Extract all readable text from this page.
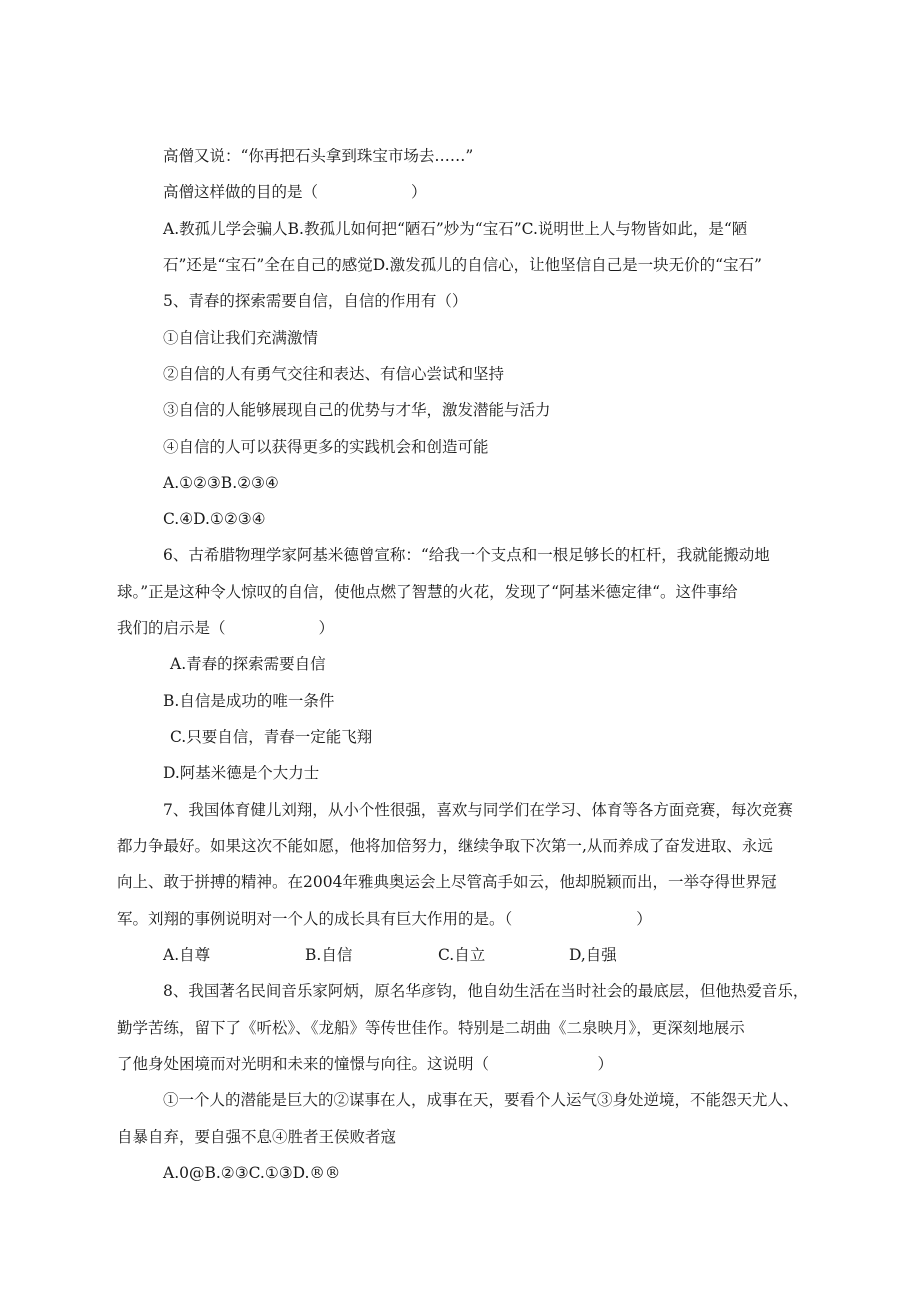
高僧又说：“你再把石头拿到珠宝市场去……”
高僧这样做的目的是（　　　　　　）
A.教孤儿学会骗人B.教孤儿如何把“陋石”炒为“宝石”C.说明世上人与物皆如此，是“陋
石”还是“宝石”全在自己的感觉D.激发孤儿的自信心，让他坚信自己是一块无价的“宝石”
5、青春的探索需要自信，自信的作用有（）
①自信让我们充满激情
②自信的人有勇气交往和表达、有信心尝试和坚持
③自信的人能够展现自己的优势与才华，激发潜能与活力
④自信的人可以获得更多的实践机会和创造可能
A.①②③B.②③④
C.④D.①②③④
6、古希腊物理学家阿基米德曾宣称：“给我一个支点和一根足够长的杠杆，我就能搬动地
球。”正是这种令人惊叹的自信，使他点燃了智慧的火花，发现了“阿基米德定律“。这件事给
我们的启示是（　　　　　　）
A.青春的探索需要自信
B.自信是成功的唯一条件
C.只要自信，青春一定能飞翔
D.阿基米德是个大力士
7、我国体育健儿刘翔，从小个性很强，喜欢与同学们在学习、体育等各方面竞赛，每次竞赛
都力争最好。如果这次不能如愿，他将加倍努力，继续争取下次第一,从而养成了奋发进取、永远
向上、敢于拼搏的精神。在2004年雅典奥运会上尽管高手如云，他却脱颖而出，一举夺得世界冠
军。刘翔的事例说明对一个人的成长具有巨大作用的是。（　　　　　　　　）
A.自尊	B.自信	C.自立	D,自强
8、我国著名民间音乐家阿炳，原名华彦钧，他自幼生活在当时社会的最底层，但他热爱音乐，
勤学苦练，留下了《听松》、《龙船》等传世佳作。特别是二胡曲《二泉映月》，更深刻地展示
了他身处困境而对光明和未来的憧憬与向往。这说明（　　　　　　　）
①一个人的潜能是巨大的②谋事在人，成事在天，要看个人运气③身处逆境，不能怨天尤人、
自暴自弃，要自强不息④胜者王侯败者寇
A.0@B.②③C.①③D.®®
